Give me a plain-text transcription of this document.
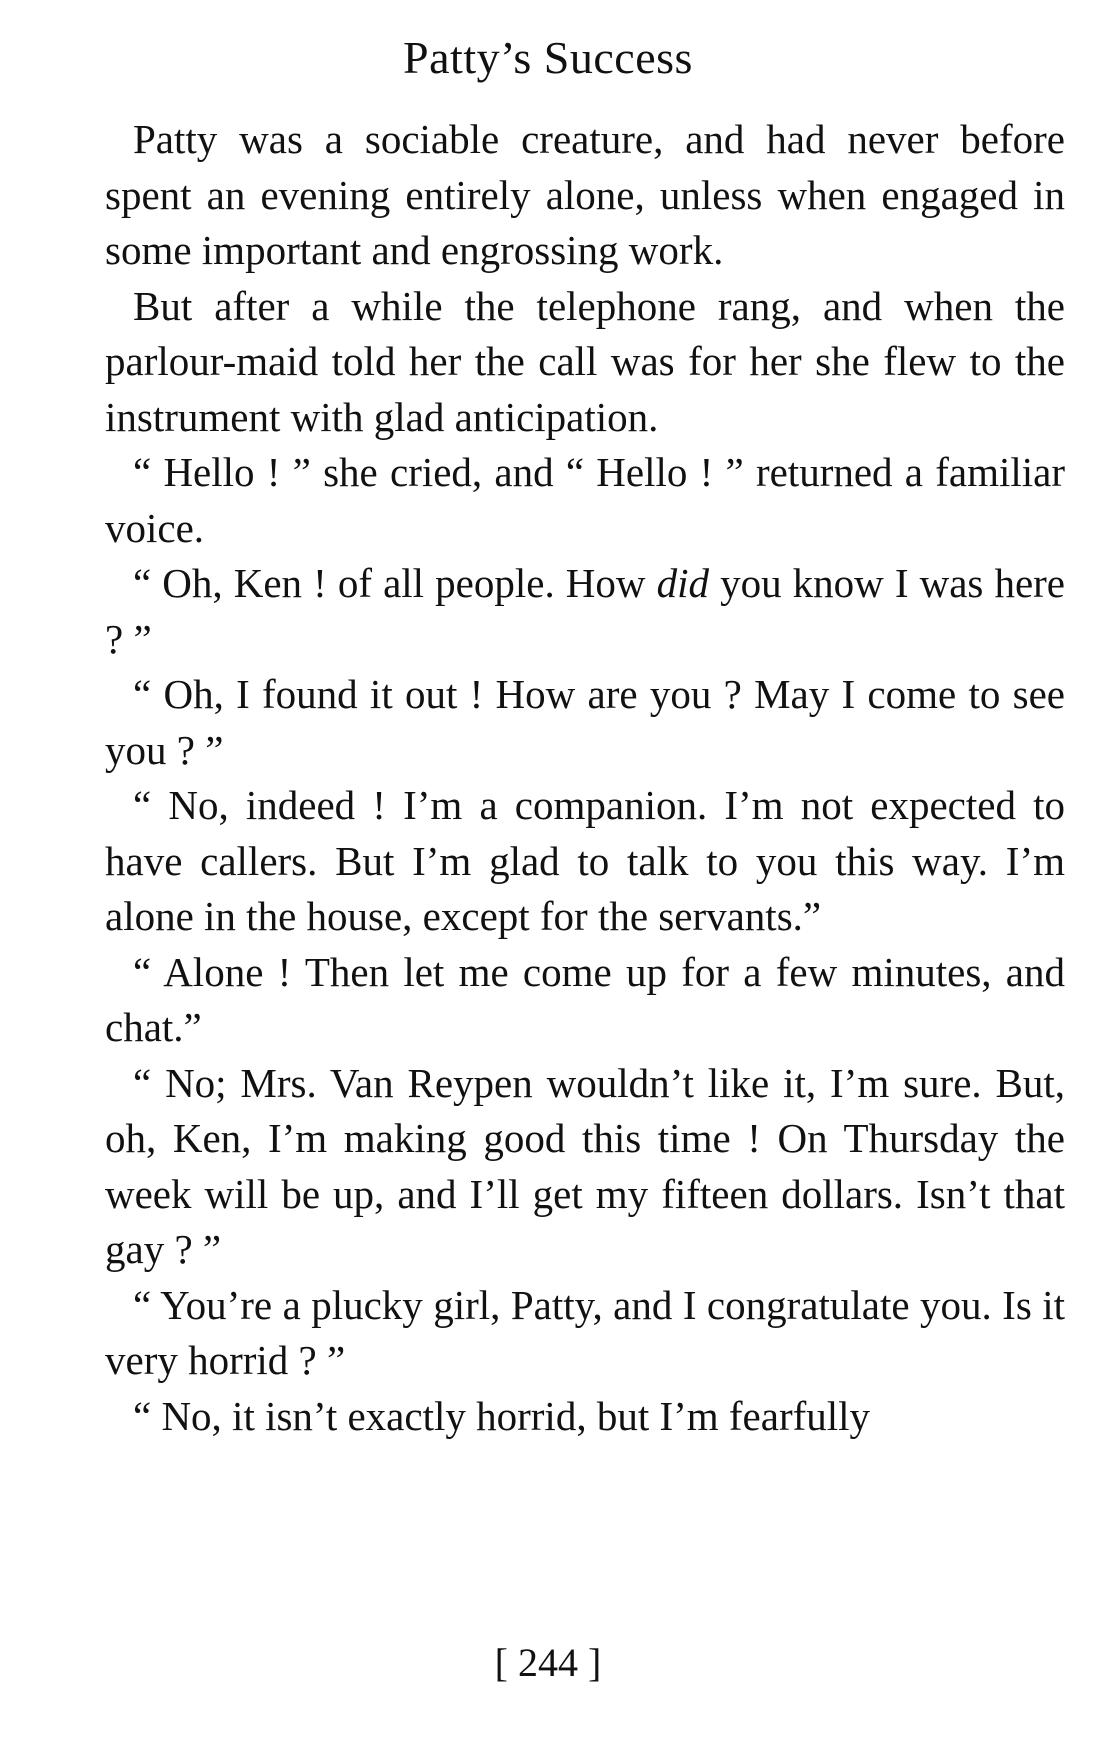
Patty’s Success

Patty was a sociable creature, and had never before spent an evening entirely alone, unless when engaged in some important and engrossing work.

But after a while the telephone rang, and when the parlour-maid told her the call was for her she flew to the instrument with glad anticipation.

“ Hello ! ” she cried, and “ Hello ! ” returned a familiar voice.

“ Oh, Ken ! of all people. How did you know I was here ? ”

“ Oh, I found it out ! How are you ? May I come to see you ? ”

“ No, indeed ! I’m a companion. I’m not expected to have callers. But I’m glad to talk to you this way. I’m alone in the house, except for the servants.”

“ Alone ! Then let me come up for a few minutes, and chat.”

“ No; Mrs. Van Reypen wouldn’t like it, I’m sure. But, oh, Ken, I’m making good this time ! On Thursday the week will be up, and I’ll get my fifteen dollars. Isn’t that gay ? ”

“ You’re a plucky girl, Patty, and I congratulate you. Is it very horrid ? ”

“ No, it isn’t exactly horrid, but I’m fearfully

[ 244 ]
